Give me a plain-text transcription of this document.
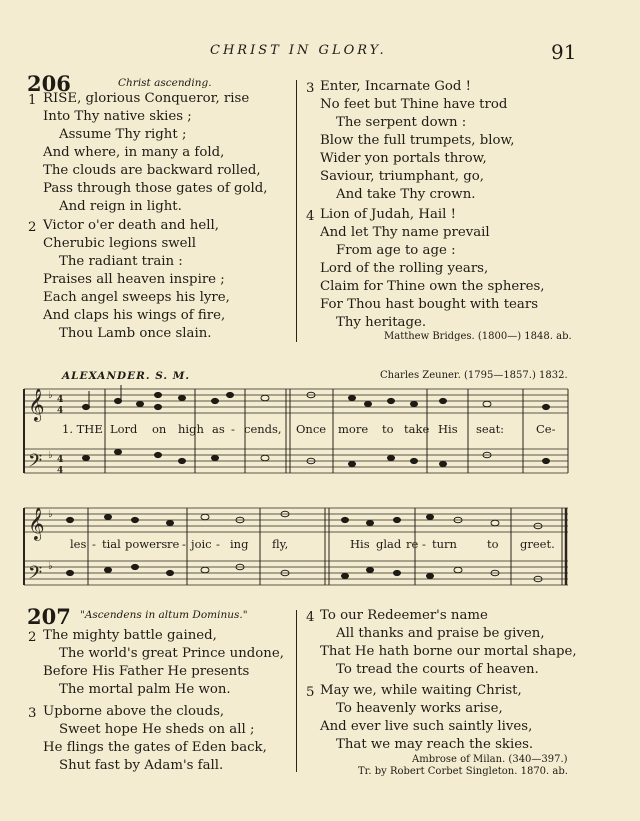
CHRIST IN GLORY.	91
206	Christ ascending.
1 RISE, glorious Conqueror, rise
Into Thy native skies ;
Assume Thy right ;
And where, in many a fold,
The clouds are backward rolled,
Pass through those gates of gold,
And reign in light.
2 Victor o'er death and hell,
Cherubic legions swell
The radiant train :
Praises all heaven inspire ;
Each angel sweeps his lyre,
And claps his wings of fire,
Thou Lamb once slain.
3 Enter, Incarnate God !
No feet but Thine have trod
The serpent down :
Blow the full trumpets, blow,
Wider yon portals throw,
Saviour, triumphant, go,
And take Thy crown.
4 Lion of Judah, Hail !
And let Thy name prevail
From age to age :
Lord of the rolling years,
Claim for Thine own the spheres,
For Thou hast bought with tears
Thy heritage.
Matthew Bridges. (1800—) 1848. ab.
ALEXANDER. S. M.	Charles Zeuner. (1795—1857.) 1832.
𝄞
𝄢
𝄞
𝄢
4
4
4
4
♭
♭
♭
♭
1. THE Lord on high as - cends, Once more to take His seat:	Ce-
les - tial powers re - joic - ing fly,	His glad re - turn	to greet.
207 "Ascendens in altum Dominus."
2 The mighty battle gained,
The world's great Prince undone,
Before His Father He presents
The mortal palm He won.
3 Upborne above the clouds,
Sweet hope He sheds on all ;
He flings the gates of Eden back,
Shut fast by Adam's fall.
4 To our Redeemer's name
All thanks and praise be given,
That He hath borne our mortal shape,
To tread the courts of heaven.
5 May we, while waiting Christ,
To heavenly works arise,
And ever live such saintly lives,
That we may reach the skies.
Ambrose of Milan. (340—397.)
Tr. by Robert Corbet Singleton. 1870. ab.
